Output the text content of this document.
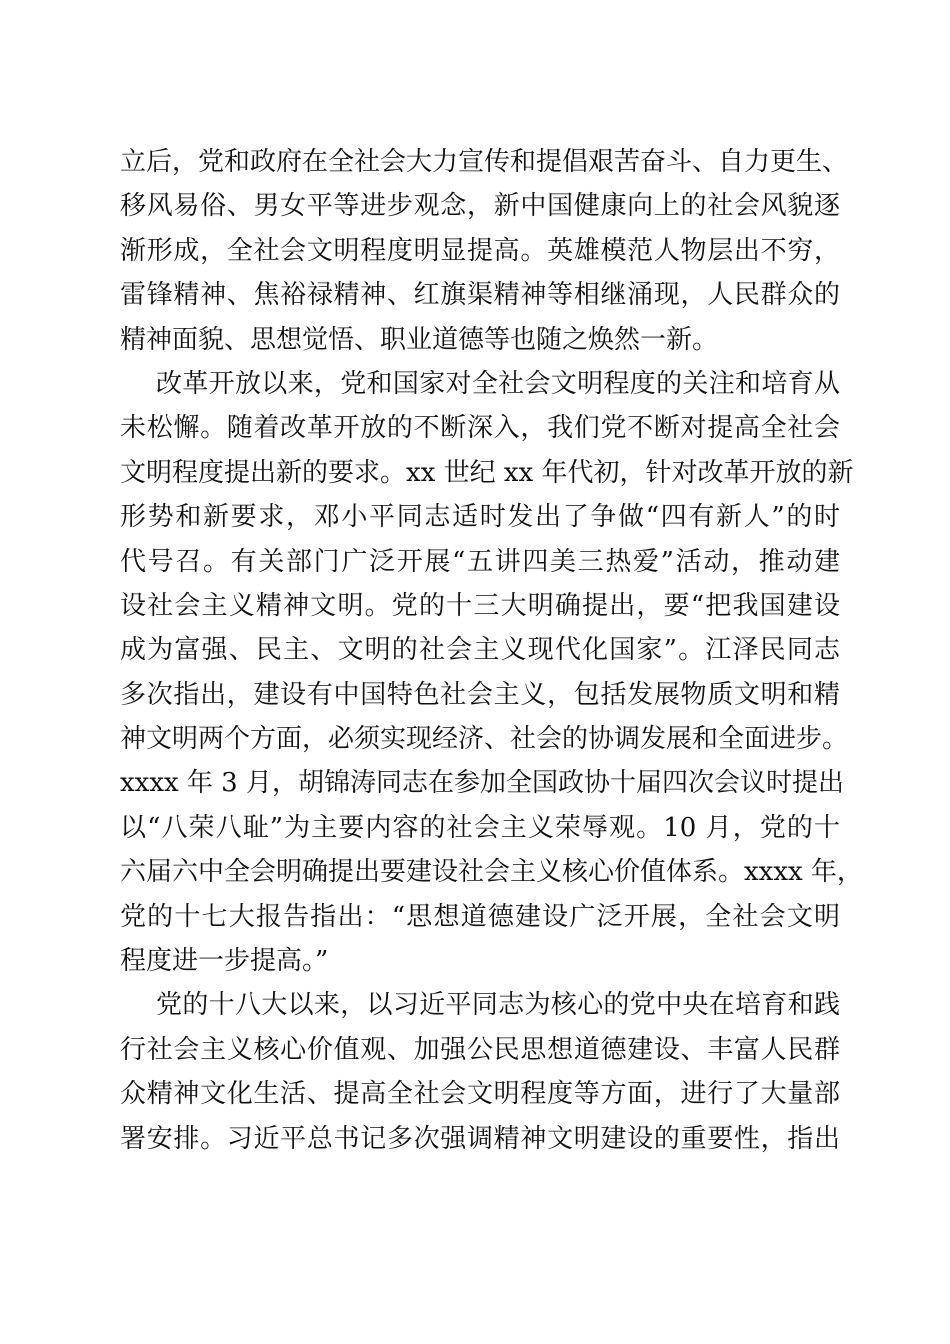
立后，党和政府在全社会大力宣传和提倡艰苦奋斗、自力更生、
移风易俗、男女平等进步观念，新中国健康向上的社会风貌逐
渐形成，全社会文明程度明显提高。英雄模范人物层出不穷，
雷锋精神、焦裕禄精神、红旗渠精神等相继涌现，人民群众的
精神面貌、思想觉悟、职业道德等也随之焕然一新。
改革开放以来，党和国家对全社会文明程度的关注和培育从
未松懈。随着改革开放的不断深入，我们党不断对提高全社会
文明程度提出新的要求。xx 世纪 xx 年代初，针对改革开放的新
形势和新要求，邓小平同志适时发出了争做“四有新人”的时
代号召。有关部门广泛开展“五讲四美三热爱”活动，推动建
设社会主义精神文明。党的十三大明确提出，要“把我国建设
成为富强、民主、文明的社会主义现代化国家”。江泽民同志
多次指出，建设有中国特色社会主义，包括发展物质文明和精
神文明两个方面，必须实现经济、社会的协调发展和全面进步。
xxxx 年 3 月，胡锦涛同志在参加全国政协十届四次会议时提出
以“八荣八耻”为主要内容的社会主义荣辱观。10 月，党的十
六届六中全会明确提出要建设社会主义核心价值体系。xxxx 年，
党的十七大报告指出：“思想道德建设广泛开展，全社会文明
程度进一步提高。”
党的十八大以来，以习近平同志为核心的党中央在培育和践
行社会主义核心价值观、加强公民思想道德建设、丰富人民群
众精神文化生活、提高全社会文明程度等方面，进行了大量部
署安排。习近平总书记多次强调精神文明建设的重要性，指出
